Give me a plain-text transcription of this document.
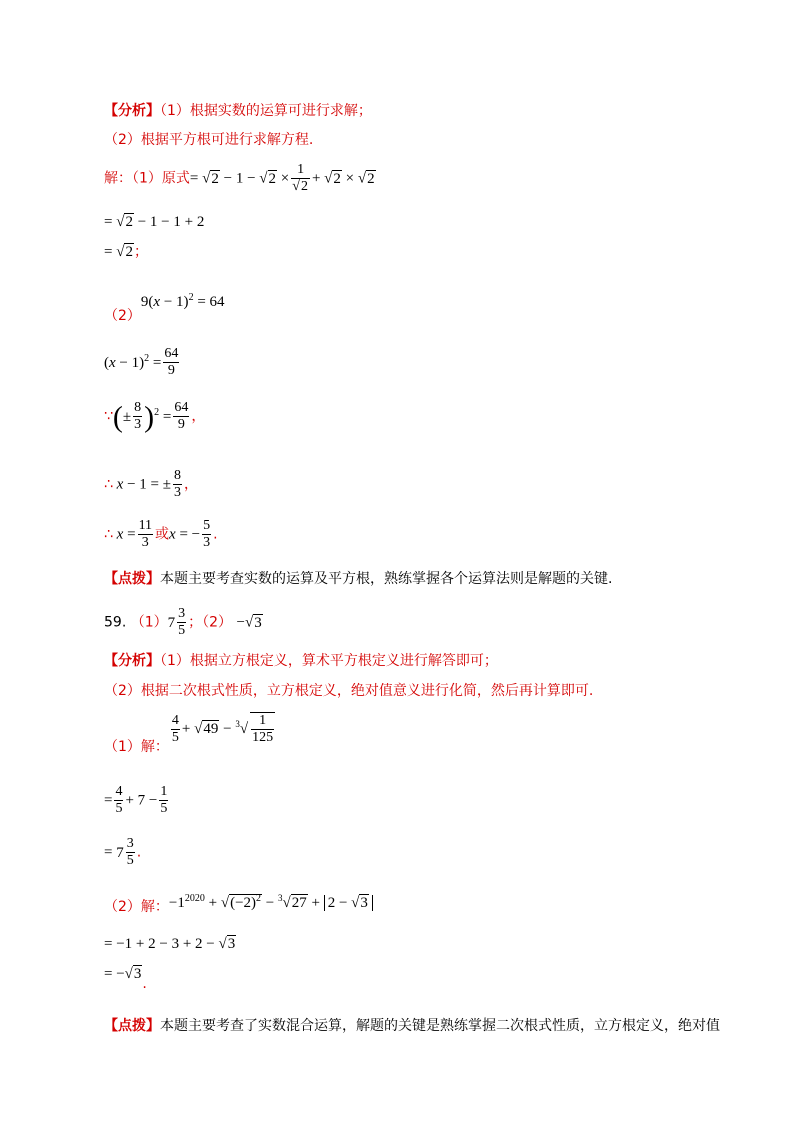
【分析】（1）根据实数的运算可进行求解；
（2）根据平方根可进行求解方程.
解：（1）原式= $√2 - 1 - √2 \times \frac{1}{√2} + √2 \times √2$
= √2 − 1 − 1 + 2
= √2；
$(2)9(x - 1)^2 = 64$
$(x - 1)^2 = \frac{64}{9}$
∵(± $\frac{8}{3} )^2 = \frac{64}{9}$ ，
∴ x − 1 = ± $\frac{8}{3}$ ，
∴ $x = \frac{11}{3}$ 或x = − $\frac{5}{3}$ .
【点拨】本题主要考查实数的运算及平方根，熟练掌握各个运算法则是解题的关键.
59. $(1)7 \frac{3}{5}$ ；（2） −√3
【分析】（1）根据立方根定义，算术平方根定义进行解答即可；
（2）根据二次根式性质，立方根定义，绝对值意义进行化简，然后再计算即可.
（1）解：
$\frac{4}{5} + √49 - ^3√ \frac{1}{125}$
= $\frac{4}{5} + 7 - \frac{1}{5}$
= $7 \frac{3}{5}$ .
（2）解：$-1^{2020} + √(-2)^2 - ^3√27 + 2 - √3$
= −1 + 2 − 3 + 2 − √3
= −√3.
【点拨】本题主要考查了实数混合运算，解题的关键是熟练掌握二次根式性质，立方根定义，绝对值
